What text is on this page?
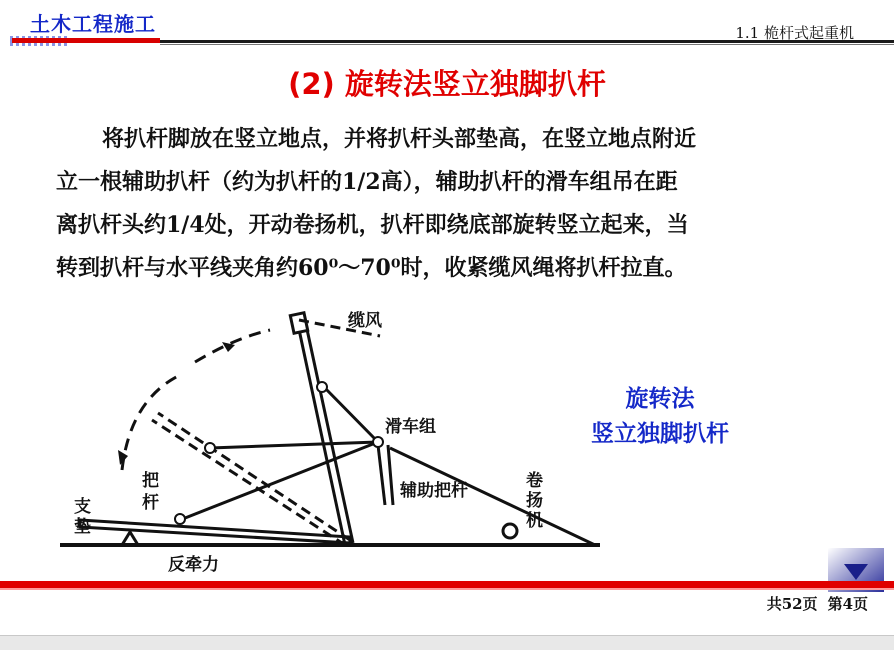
土木工程施工	1.1 桅杆式起重机
(2) 旋转法竖立独脚扒杆
将扒杆脚放在竖立地点，并将扒杆头部垫高，在竖立地点附近
立一根辅助扒杆（约为扒杆的1/2高），辅助扒杆的滑车组吊在距
离扒杆头约1/4处，开动卷扬机，扒杆即绕底部旋转竖立起来，当
转到扒杆与水平线夹角约60⁰～70⁰时，收紧缆风绳将扒杆拉直。
缆风
滑车组
辅助把杆	卷
扬
机
把
杆
支
垫
反牵力
旋转法
竖立独脚扒杆
共52页 第4页
